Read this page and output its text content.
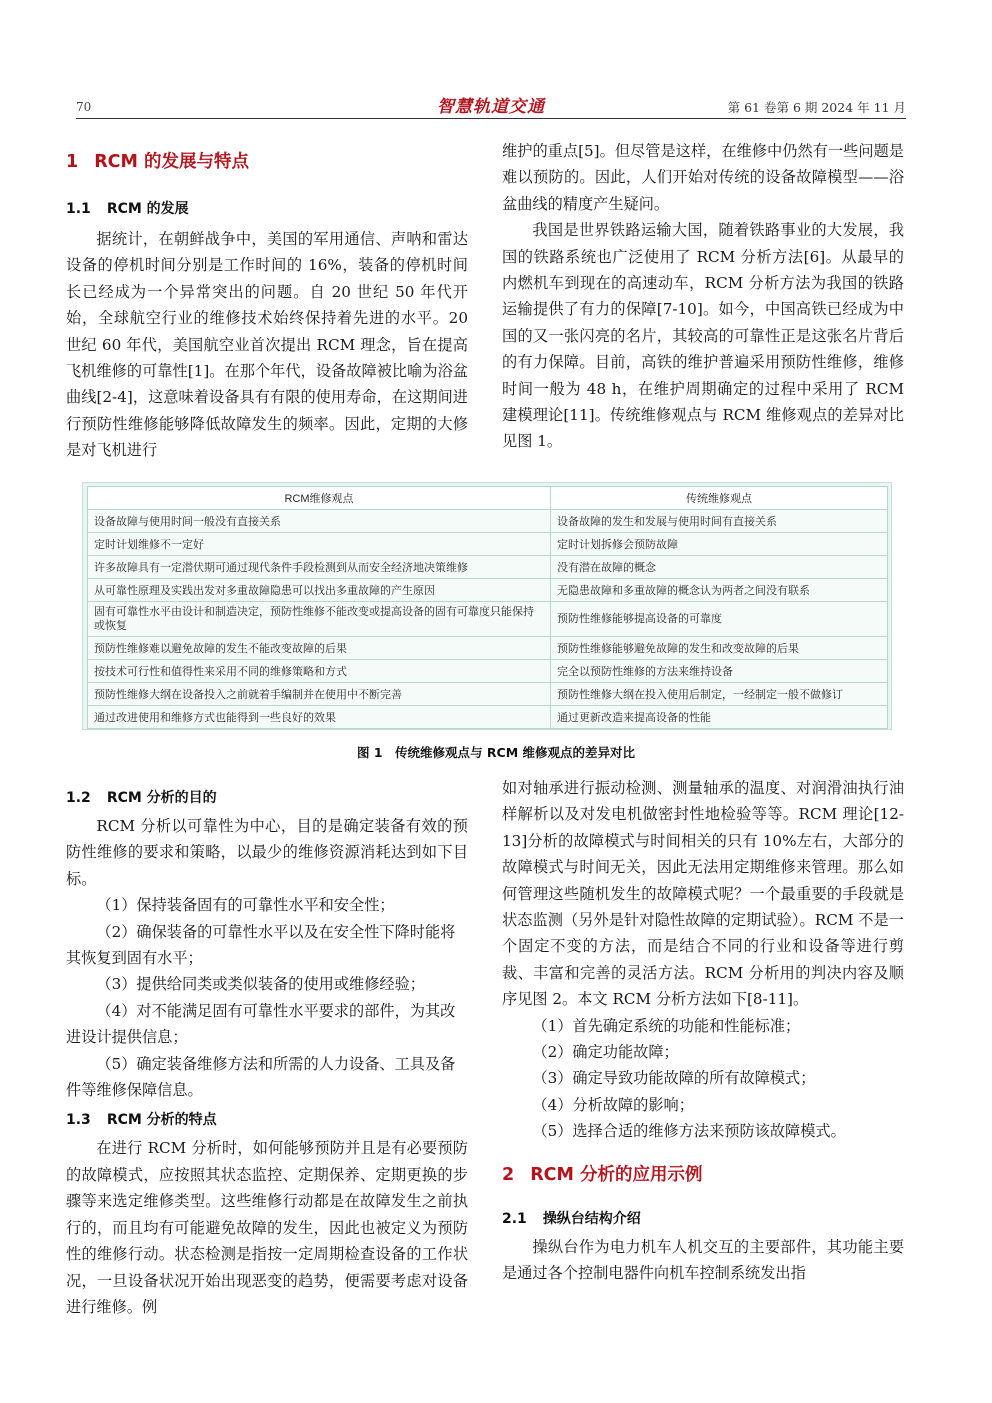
70	智慧轨道交通	第 61 卷第 6 期 2024 年 11 月
1 RCM 的发展与特点
1.1 RCM 的发展

据统计，在朝鲜战争中，美国的军用通信、声呐和雷达设备的停机时间分别是工作时间的 16%，装备的停机时间长已经成为一个异常突出的问题。自 20 世纪 50 年代开始，全球航空行业的维修技术始终保持着先进的水平。20 世纪 60 年代，美国航空业首次提出 RCM 理念，旨在提高飞机维修的可靠性[1]。在那个年代，设备故障被比喻为浴盆曲线[2-4]，这意味着设备具有有限的使用寿命，在这期间进行预防性维修能够降低故障发生的频率。因此，定期的大修是对飞机进行

维护的重点[5]。但尽管是这样，在维修中仍然有一些问题是难以预防的。因此，人们开始对传统的设备故障模型——浴盆曲线的精度产生疑问。

我国是世界铁路运输大国，随着铁路事业的大发展，我国的铁路系统也广泛使用了 RCM 分析方法[6]。从最早的内燃机车到现在的高速动车，RCM 分析方法为我国的铁路运输提供了有力的保障[7-10]。如今，中国高铁已经成为中国的又一张闪亮的名片，其较高的可靠性正是这张名片背后的有力保障。目前，高铁的维护普遍采用预防性维修，维修时间一般为 48 h，在维护周期确定的过程中采用了 RCM 建模理论[11]。传统维修观点与 RCM 维修观点的差异对比见图 1。

RCM维修观点	传统维修观点
设备故障与使用时间一般没有直接关系	设备故障的发生和发展与使用时间有直接关系
定时计划维修不一定好	定时计划拆修会预防故障
许多故障具有一定潜伏期可通过现代条件手段检测到从而安全经济地决策维修	没有潜在故障的概念
从可靠性原理及实践出发对多重故障隐患可以找出多重故障的产生原因	无隐患故障和多重故障的概念认为两者之间没有联系
固有可靠性水平由设计和制造决定，预防性维修不能改变或提高设备的固有可靠度只能保持或恢复	预防性维修能够提高设备的可靠度
预防性维修难以避免故障的发生不能改变故障的后果	预防性维修能够避免故障的发生和改变故障的后果
按技术可行性和值得性来采用不同的维修策略和方式	完全以预防性维修的方法来维持设备
预防性维修大纲在设备投入之前就着手编制并在使用中不断完善	预防性维修大纲在投入使用后制定，一经制定一般不做修订
通过改进使用和维修方式也能得到一些良好的效果	通过更新改造来提高设备的性能
图 1　传统维修观点与 RCM 维修观点的差异对比
1.2 RCM 分析的目的

RCM 分析以可靠性为中心，目的是确定装备有效的预防性维修的要求和策略，以最少的维修资源消耗达到如下目标。

（1）保持装备固有的可靠性水平和安全性；

（2）确保装备的可靠性水平以及在安全性下降时能将其恢复到固有水平；

（3）提供给同类或类似装备的使用或维修经验；

（4）对不能满足固有可靠性水平要求的部件，为其改进设计提供信息；

（5）确定装备维修方法和所需的人力设备、工具及备件等维修保障信息。

1.3 RCM 分析的特点

在进行 RCM 分析时，如何能够预防并且是有必要预防的故障模式，应按照其状态监控、定期保养、定期更换的步骤等来选定维修类型。这些维修行动都是在故障发生之前执行的，而且均有可能避免故障的发生，因此也被定义为预防性的维修行动。状态检测是指按一定周期检查设备的工作状况，一旦设备状况开始出现恶变的趋势，便需要考虑对设备进行维修。例

如对轴承进行振动检测、测量轴承的温度、对润滑油执行油样解析以及对发电机做密封性地检验等等。RCM 理论[12-13]分析的故障模式与时间相关的只有 10%左右，大部分的故障模式与时间无关，因此无法用定期维修来管理。那么如何管理这些随机发生的故障模式呢？一个最重要的手段就是状态监测（另外是针对隐性故障的定期试验）。RCM 不是一个固定不变的方法，而是结合不同的行业和设备等进行剪裁、丰富和完善的灵活方法。RCM 分析用的判决内容及顺序见图 2。本文 RCM 分析方法如下[8-11]。

（1）首先确定系统的功能和性能标准；

（2）确定功能故障；

（3）确定导致功能故障的所有故障模式；

（4）分析故障的影响；

（5）选择合适的维修方法来预防该故障模式。

2 RCM 分析的应用示例
2.1 操纵台结构介绍

操纵台作为电力机车人机交互的主要部件，其功能主要是通过各个控制电器件向机车控制系统发出指
